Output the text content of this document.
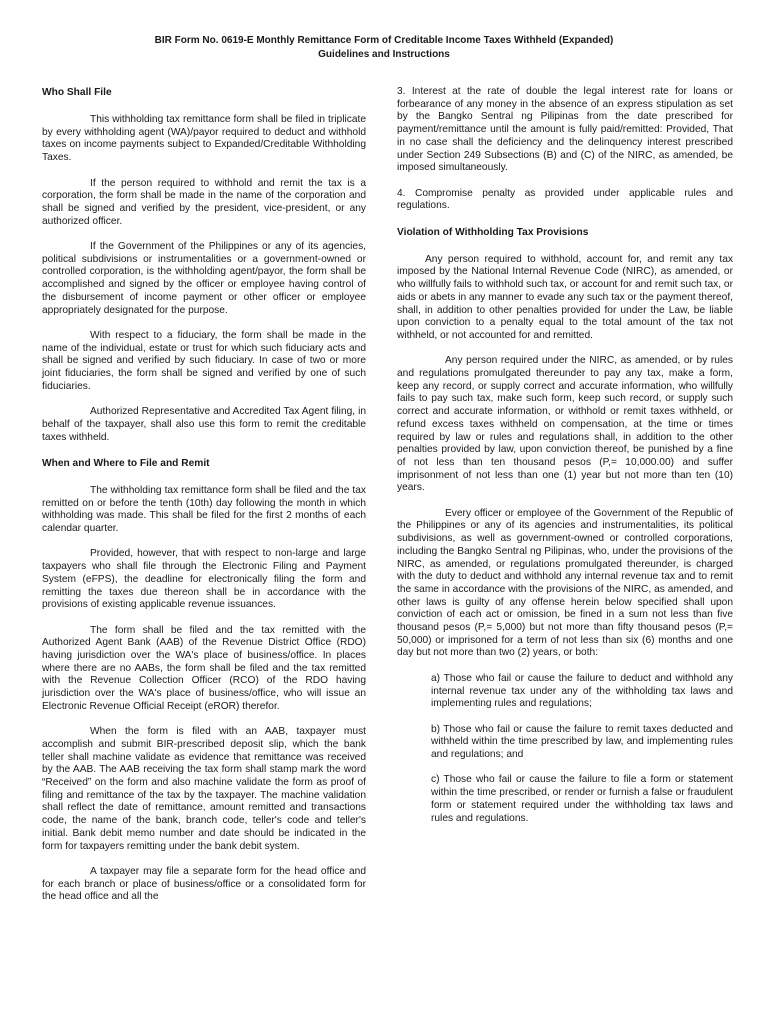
BIR Form No. 0619-E Monthly Remittance Form of Creditable Income Taxes Withheld (Expanded)
Guidelines and Instructions
Who Shall File

This withholding tax remittance form shall be filed in triplicate by every withholding agent (WA)/payor required to deduct and withhold taxes on income payments subject to Expanded/Creditable Withholding Taxes.

If the person required to withhold and remit the tax is a corporation, the form shall be made in the name of the corporation and shall be signed and verified by the president, vice-president, or any authorized officer.

If the Government of the Philippines or any of its agencies, political subdivisions or instrumentalities or a government-owned or controlled corporation, is the withholding agent/payor, the form shall be accomplished and signed by the officer or employee having control of the disbursement of income payment or other officer or employee appropriately designated for the purpose.

With respect to a fiduciary, the form shall be made in the name of the individual, estate or trust for which such fiduciary acts and shall be signed and verified by such fiduciary. In case of two or more joint fiduciaries, the form shall be signed and verified by one of such fiduciaries.

Authorized Representative and Accredited Tax Agent filing, in behalf of the taxpayer, shall also use this form to remit the creditable taxes withheld.

When and Where to File and Remit

The withholding tax remittance form shall be filed and the tax remitted on or before the tenth (10th) day following the month in which withholding was made. This shall be filed for the first 2 months of each calendar quarter.

Provided, however, that with respect to non-large and large taxpayers who shall file through the Electronic Filing and Payment System (eFPS), the deadline for electronically filing the form and remitting the taxes due thereon shall be in accordance with the provisions of existing applicable revenue issuances.

The form shall be filed and the tax remitted with the Authorized Agent Bank (AAB) of the Revenue District Office (RDO) having jurisdiction over the WA's place of business/office. In places where there are no AABs, the form shall be filed and the tax remitted with the Revenue Collection Officer (RCO) of the RDO having jurisdiction over the WA's place of business/office, who will issue an Electronic Revenue Official Receipt (eROR) therefor.

When the form is filed with an AAB, taxpayer must accomplish and submit BIR-prescribed deposit slip, which the bank teller shall machine validate as evidence that remittance was received by the AAB. The AAB receiving the tax form shall stamp mark the word “Received” on the form and also machine validate the form as proof of filing and remittance of the tax by the taxpayer. The machine validation shall reflect the date of remittance, amount remitted and transactions code, the name of the bank, branch code, teller's code and teller's initial. Bank debit memo number and date should be indicated in the form for taxpayers remitting under the bank debit system.

A taxpayer may file a separate form for the head office and for each branch or place of business/office or a consolidated form for the head office and all the

3. Interest at the rate of double the legal interest rate for loans or forbearance of any money in the absence of an express stipulation as set by the Bangko Sentral ng Pilipinas from the date prescribed for payment/remittance until the amount is fully paid/remitted: Provided, That in no case shall the deficiency and the delinquency interest prescribed under Section 249 Subsections (B) and (C) of the NIRC, as amended, be imposed simultaneously.

4. Compromise penalty as provided under applicable rules and regulations.

Violation of Withholding Tax Provisions

Any person required to withhold, account for, and remit any tax imposed by the National Internal Revenue Code (NIRC), as amended, or who willfully fails to withhold such tax, or account for and remit such tax, or aids or abets in any manner to evade any such tax or the payment thereof, shall, in addition to other penalties provided for under the Law, be liable upon conviction to a penalty equal to the total amount of the tax not withheld, or not accounted for and remitted.

Any person required under the NIRC, as amended, or by rules and regulations promulgated thereunder to pay any tax, make a form, keep any record, or supply correct and accurate information, who willfully fails to pay such tax, make such form, keep such record, or supply such correct and accurate information, or withhold or remit taxes withheld, or refund excess taxes withheld on compensation, at the time or times required by law or rules and regulations shall, in addition to the other penalties provided by law, upon conviction thereof, be punished by a fine of not less than ten thousand pesos (P,= 10,000.00) and suffer imprisonment of not less than one (1) year but not more than ten (10) years.

Every officer or employee of the Government of the Republic of the Philippines or any of its agencies and instrumentalities, its political subdivisions, as well as government-owned or controlled corporations, including the Bangko Sentral ng Pilipinas, who, under the provisions of the NIRC, as amended, or regulations promulgated thereunder, is charged with the duty to deduct and withhold any internal revenue tax and to remit the same in accordance with the provisions of the NIRC, as amended, and other laws is guilty of any offense herein below specified shall upon conviction of each act or omission, be fined in a sum not less than five thousand pesos (P,= 5,000) but not more than fifty thousand pesos (P,= 50,000) or imprisoned for a term of not less than six (6) months and one day but not more than two (2) years, or both:

a) Those who fail or cause the failure to deduct and withhold any internal revenue tax under any of the withholding tax laws and implementing rules and regulations;

b) Those who fail or cause the failure to remit taxes deducted and withheld within the time prescribed by law, and implementing rules and regulations; and

c) Those who fail or cause the failure to file a form or statement within the time prescribed, or render or furnish a false or fraudulent form or statement required under the withholding tax laws and rules and regulations.
